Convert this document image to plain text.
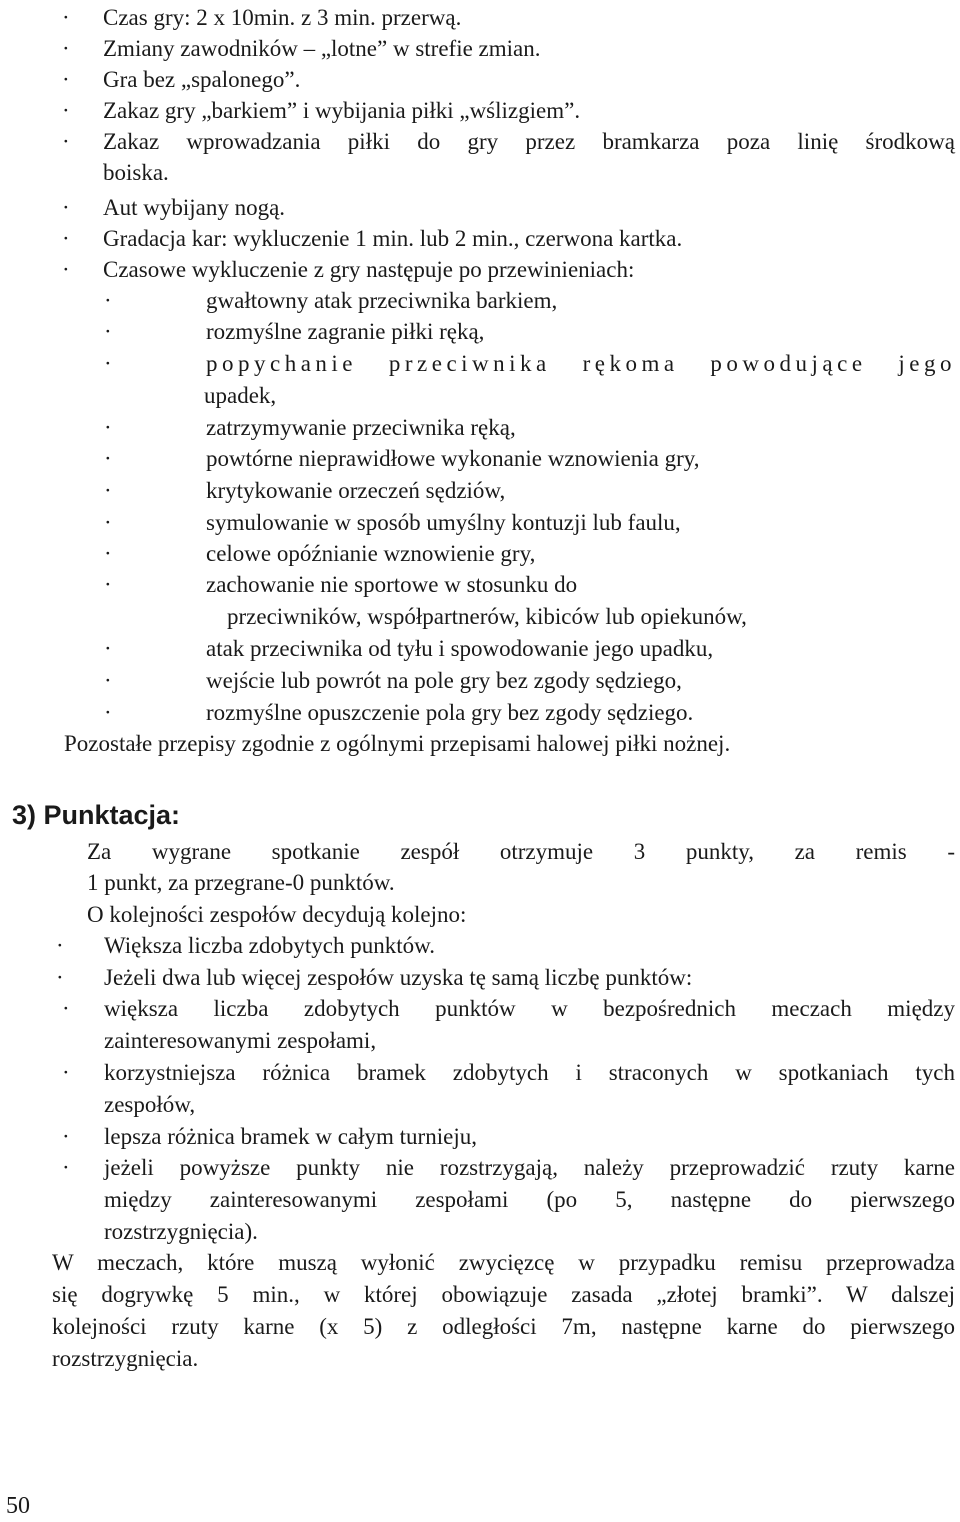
· Czas gry: 2 x 10min. z 3 min. przerwą.
· Zmiany zawodników – „lotne” w strefie zmian.
· Gra bez „spalonego”.
· Zakaz gry „barkiem” i wybijania piłki „wślizgiem”.
· Zakaz wprowadzania piłki do gry przez bramkarza poza linię środkową
boiska.
· Aut wybijany nogą.
· Gradacja kar: wykluczenie 1 min. lub 2 min., czerwona kartka.
· Czasowe wykluczenie z gry następuje po przewinieniach:
·	gwałtowny atak przeciwnika barkiem,
·	rozmyślne zagranie piłki ręką,
·	popychanie przeciwnika rękoma powodujące jego
upadek,
·	zatrzymywanie przeciwnika ręką,
·	powtórne nieprawidłowe wykonanie wznowienia gry,
·	krytykowanie orzeczeń sędziów,
·	symulowanie w sposób umyślny kontuzji lub faulu,
·	celowe opóźnianie wznowienie gry,
·	zachowanie nie sportowe w stosunku do
przeciwników, współpartnerów, kibiców lub opiekunów,
·	atak przeciwnika od tyłu i spowodowanie jego upadku,
·	wejście lub powrót na pole gry bez zgody sędziego,
·	rozmyślne opuszczenie pola gry bez zgody sędziego.
Pozostałe przepisy zgodnie z ogólnymi przepisami halowej piłki nożnej.
3) Punktacja:
Za wygrane spotkanie zespół otrzymuje 3 punkty, za remis -
1 punkt, za przegrane-0 punktów.
O kolejności zespołów decydują kolejno:
· Większa liczba zdobytych punktów.
· Jeżeli dwa lub więcej zespołów uzyska tę samą liczbę punktów:
· większa liczba zdobytych punktów w bezpośrednich meczach między
zainteresowanymi zespołami,
· korzystniejsza różnica bramek zdobytych i straconych w spotkaniach tych
zespołów,
· lepsza różnica bramek w całym turnieju,
· jeżeli powyższe punkty nie rozstrzygają, należy przeprowadzić rzuty karne
między zainteresowanymi zespołami (po 5, następne do pierwszego
rozstrzygnięcia).
W meczach, które muszą wyłonić zwycięzcę w przypadku remisu przeprowadza
się dogrywkę 5 min., w której obowiązuje zasada „złotej bramki”. W dalszej
kolejności rzuty karne (x 5) z odległości 7m, następne karne do pierwszego
rozstrzygnięcia.
50
